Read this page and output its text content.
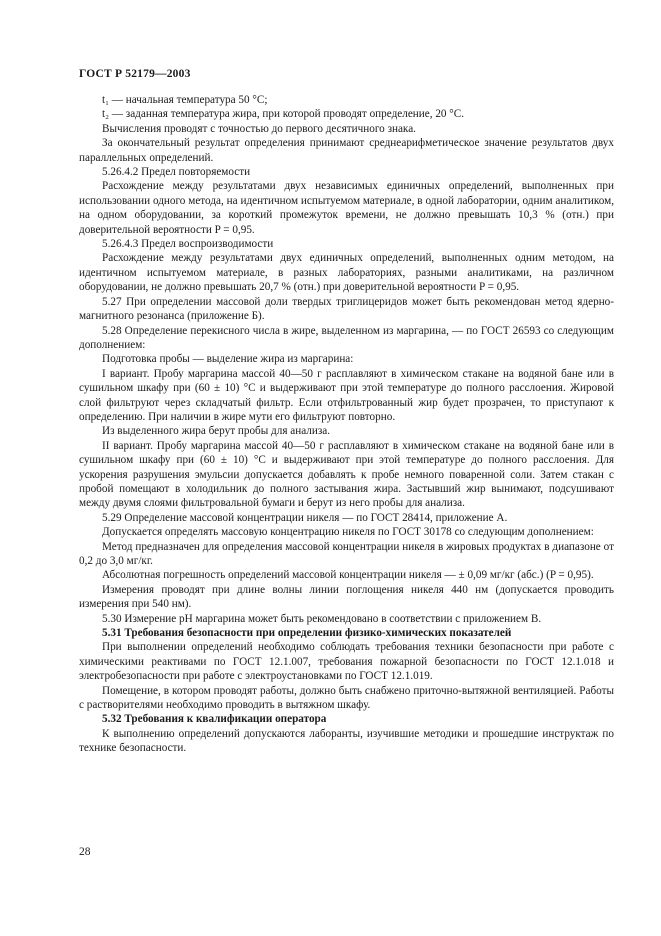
ГОСТ Р 52179—2003

t₁ — начальная температура 50 °С;

t₂ — заданная температура жира, при которой проводят определение, 20 °С.

Вычисления проводят с точностью до первого десятичного знака.

За окончательный результат определения принимают среднеарифметическое значение результатов двух параллельных определений.

5.26.4.2 Предел повторяемости

Расхождение между результатами двух независимых единичных определений, выполненных при использовании одного метода, на идентичном испытуемом материале, в одной лаборатории, одним аналитиком, на одном оборудовании, за короткий промежуток времени, не должно превышать 10,3 % (отн.) при доверительной вероятности P = 0,95.

5.26.4.3 Предел воспроизводимости

Расхождение между результатами двух единичных определений, выполненных одним методом, на идентичном испытуемом материале, в разных лабораториях, разными аналитиками, на различном оборудовании, не должно превышать 20,7 % (отн.) при доверительной вероятности P = 0,95.

5.27 При определении массовой доли твердых триглицеридов может быть рекомендован метод ядерно-магнитного резонанса (приложение Б).

5.28 Определение перекисного числа в жире, выделенном из маргарина, — по ГОСТ 26593 со следующим дополнением:

Подготовка пробы — выделение жира из маргарина:

I вариант. Пробу маргарина массой 40—50 г расплавляют в химическом стакане на водяной бане или в сушильном шкафу при (60 ± 10) °С и выдерживают при этой температуре до полного расслоения. Жировой слой фильтруют через складчатый фильтр. Если отфильтрованный жир будет прозрачен, то приступают к определению. При наличии в жире мути его фильтруют повторно.

Из выделенного жира берут пробы для анализа.

II вариант. Пробу маргарина массой 40—50 г расплавляют в химическом стакане на водяной бане или в сушильном шкафу при (60 ± 10) °С и выдерживают при этой температуре до полного расслоения. Для ускорения разрушения эмульсии допускается добавлять к пробе немного поваренной соли. Затем стакан с пробой помещают в холодильник до полного застывания жира. Застывший жир вынимают, подсушивают между двумя слоями фильтровальной бумаги и берут из него пробы для анализа.

5.29 Определение массовой концентрации никеля — по ГОСТ 28414, приложение А.

Допускается определять массовую концентрацию никеля по ГОСТ 30178 со следующим дополнением:

Метод предназначен для определения массовой концентрации никеля в жировых продуктах в диапазоне от 0,2 до 3,0 мг/кг.

Абсолютная погрешность определений массовой концентрации никеля — ± 0,09 мг/кг (абс.) (P = 0,95).

Измерения проводят при длине волны линии поглощения никеля 440 нм (допускается проводить измерения при 540 нм).

5.30 Измерение рН маргарина может быть рекомендовано в соответствии с приложением В.

5.31 Требования безопасности при определении физико-химических показателей

При выполнении определений необходимо соблюдать требования техники безопасности при работе с химическими реактивами по ГОСТ 12.1.007, требования пожарной безопасности по ГОСТ 12.1.018 и электробезопасности при работе с электроустановками по ГОСТ 12.1.019.

Помещение, в котором проводят работы, должно быть снабжено приточно-вытяжной вентиляцией. Работы с растворителями необходимо проводить в вытяжном шкафу.

5.32 Требования к квалификации оператора

К выполнению определений допускаются лаборанты, изучившие методики и прошедшие инструктаж по технике безопасности.

28
